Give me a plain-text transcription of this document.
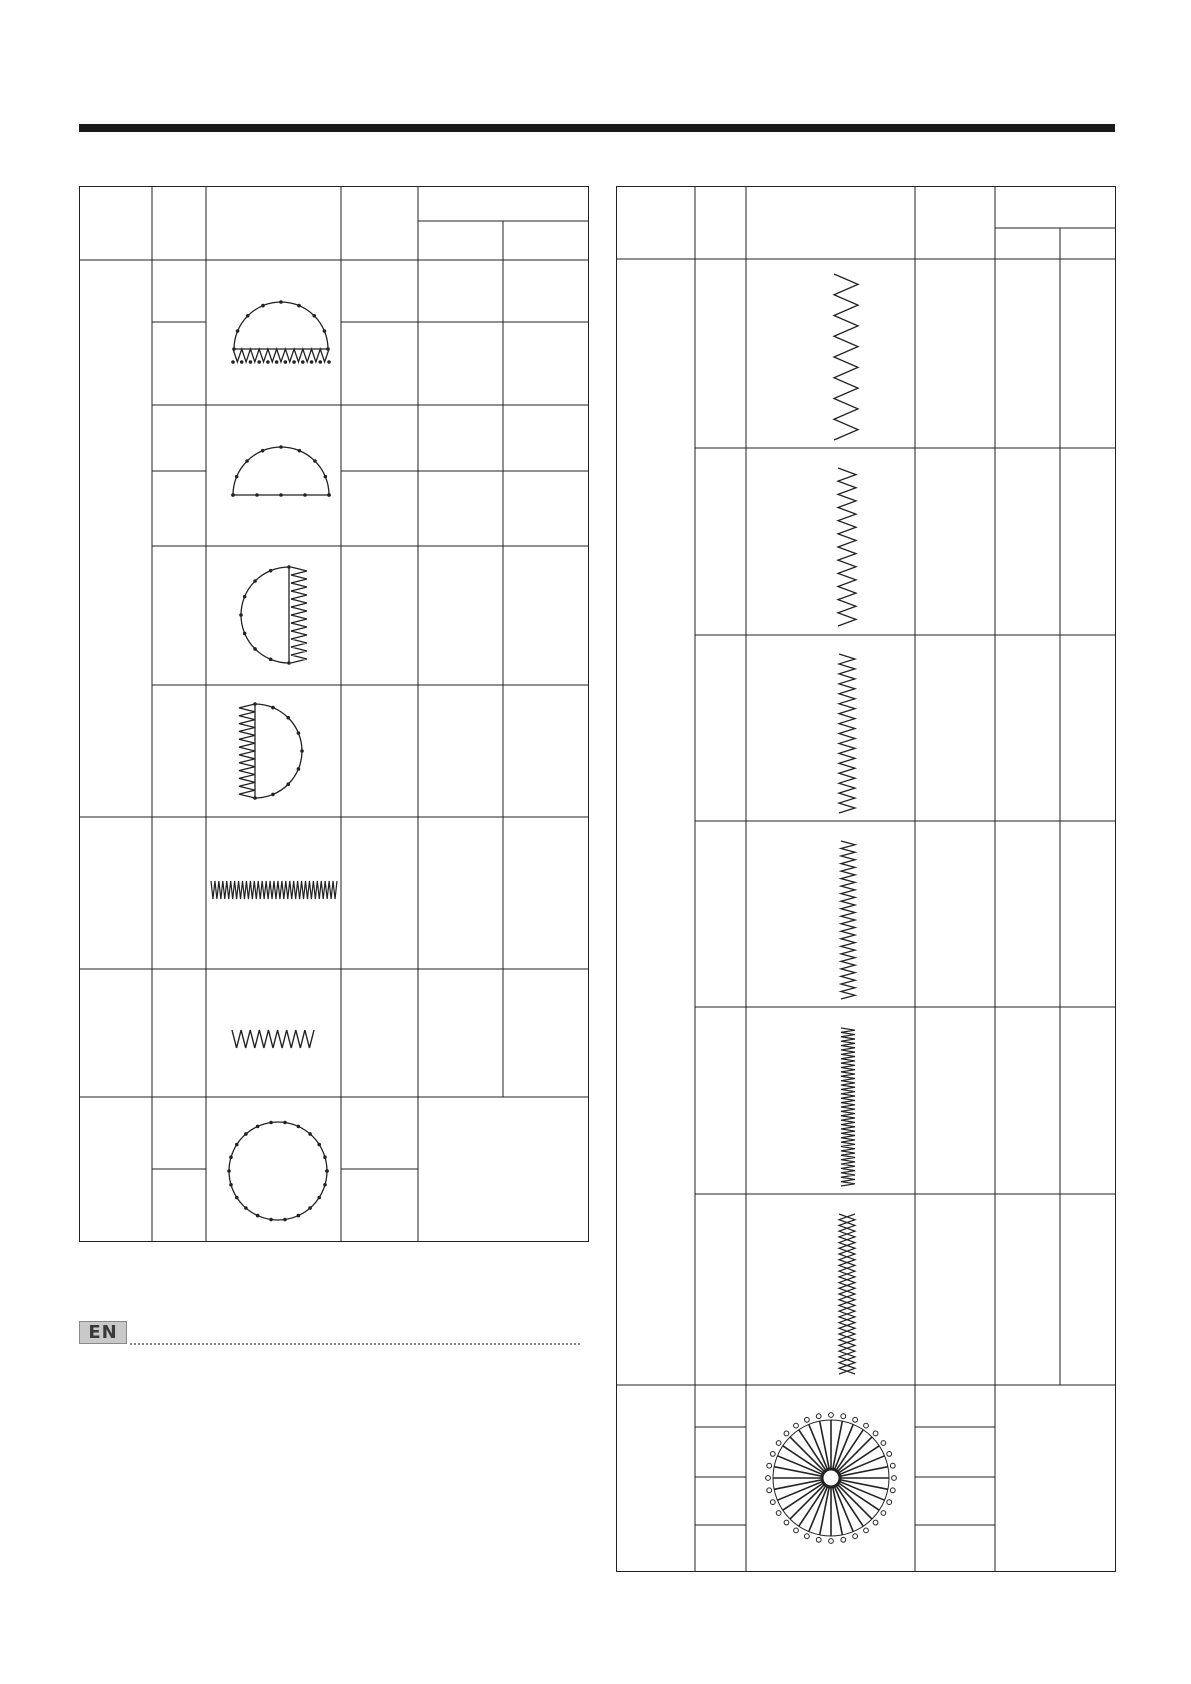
EN
